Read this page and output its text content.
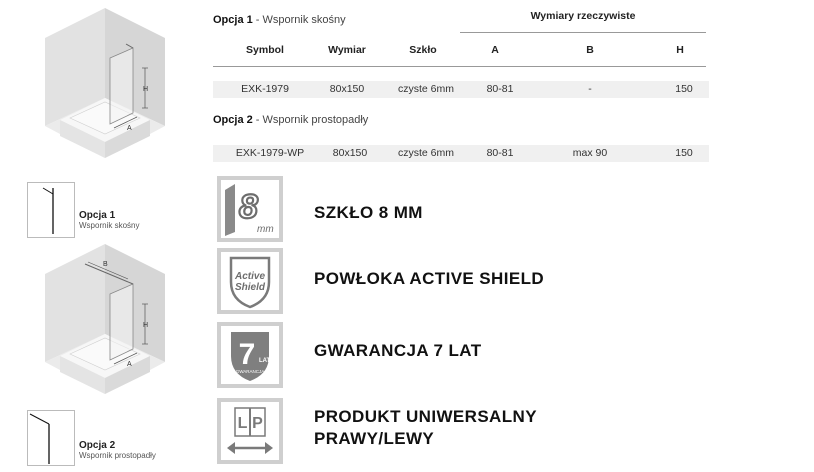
H
A
Opcja 1
Wspornik skośny
B
H
A
Opcja 2
Wspornik prostopadły
Opcja 1 - Wspornik skośny	Wymiary rzeczywiste
Symbol	Wymiar	Szkło	A	B	H
EXK-1979	80x150	czyste 6mm	80-81	-	150
Opcja 2 - Wspornik prostopadły
EXK-1979-WP	80x150	czyste 6mm	80-81	max 90	150
8
mm
SZKŁO 8 MM
Active
Shield	POWŁOKA ACTIVE SHIELD
7 LAT
GWARANCJA
GWARANCJA 7 LAT
L P	PRODUKT UNIWERSALNY
PRAWY/LEWY
